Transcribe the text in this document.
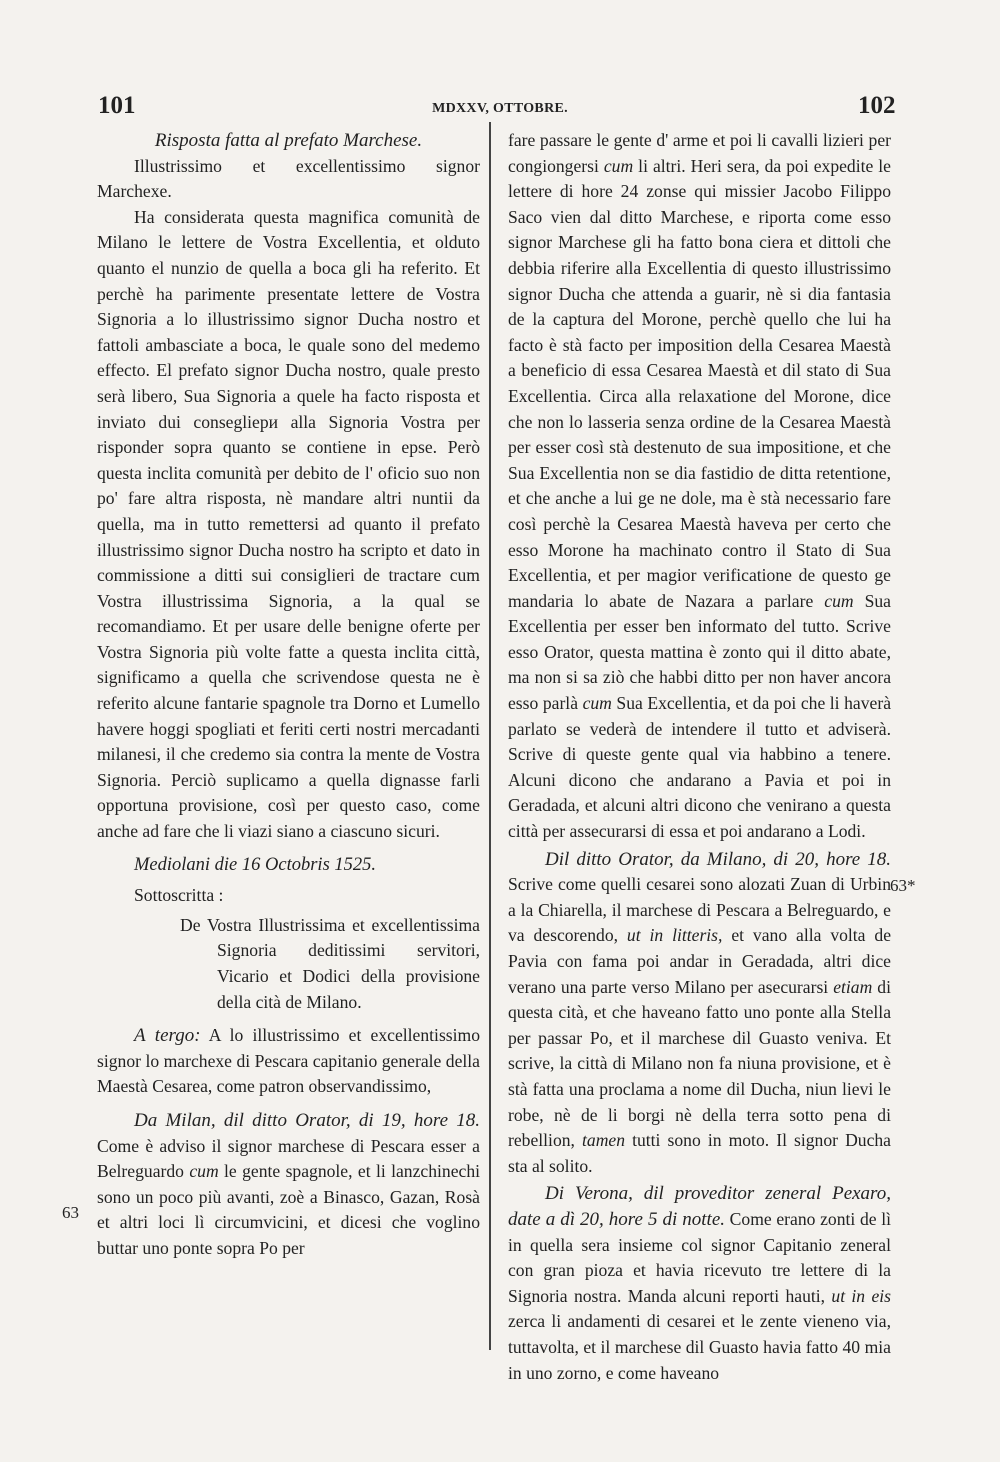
101	MDXXV, OTTOBRE.	102
63
63*

Risposta fatta al prefato Marchese.

Illustrissimo et excellentissimo signor Marchexe.

Ha considerata questa magnifica comunità de Milano le lettere de Vostra Excellentia, et olduto quanto el nunzio de quella a boca gli ha referito. Et perchè ha parimente presentate lettere de Vostra Signoria a lo illustrissimo signor Ducha nostro et fattoli ambasciate a boca, le quale sono del medemo effecto. El prefato signor Ducha nostro, quale presto serà libero, Sua Signoria a quele ha facto risposta et inviato dui consegliери alla Signoria Vostra per risponder sopra quanto se contiene in epse. Però questa inclita comunità per debito de l' oficio suo non po' fare altra risposta, nè mandare altri nuntii da quella, ma in tutto remettersi ad quanto il prefato illustrissimo signor Ducha nostro ha scripto et dato in commissione a ditti sui consiglieri de tractare cum Vostra illustrissima Signoria, a la qual se recomandiamo. Et per usare delle benigne oferte per Vostra Signoria più volte fatte a questa inclita città, significamo a quella che scrivendose questa ne è referito alcune fantarie spagnole tra Dorno et Lumello havere hoggi spogliati et feriti certi nostri mercadanti milanesi, il che credemo sia contra la mente de Vostra Signoria. Perciò suplicamo a quella dignasse farli opportuna provisione, così per questo caso, come anche ad fare che li viazi siano a ciascuno sicuri.

Mediolani die 16 Octobris 1525.

Sottoscritta :

De Vostra Illustrissima et excellentissima Signoria deditissimi servitori, Vicario et Dodici della provisione della cità de Milano.

A tergo: A lo illustrissimo et excellentissimo signor lo marchexe di Pescara capitanio generale della Maestà Cesarea, come patron observandissimo,

Da Milan, dil ditto Orator, di 19, hore 18. Come è adviso il signor marchese di Pescara esser a Belreguardo cum le gente spagnole, et li lanzchinechi sono un poco più avanti, zoè a Binasco, Gazan, Rosà et altri loci lì circumvicini, et dicesi che voglino buttar uno ponte sopra Po per

fare passare le gente d' arme et poi li cavalli lizieri per congiongersi cum li altri. Heri sera, da poi expedite le lettere di hore 24 zonse qui missier Jacobo Filippo Saco vien dal ditto Marchese, e riporta come esso signor Marchese gli ha fatto bona ciera et dittoli che debbia riferire alla Excellentia di questo illustrissimo signor Ducha che attenda a guarir, nè si dia fantasia de la captura del Morone, perchè quello che lui ha facto è stà facto per imposition della Cesarea Maestà a beneficio di essa Cesarea Maestà et dil stato di Sua Excellentia. Circa alla relaxatione del Morone, dice che non lo lasseria senza ordine de la Cesarea Maestà per esser così stà destenuto de sua impositione, et che Sua Excellentia non se dia fastidio de ditta retentione, et che anche a lui ge ne dole, ma è stà necessario fare così perchè la Cesarea Maestà haveva per certo che esso Morone ha machinato contro il Stato di Sua Excellentia, et per magior verificatione de questo ge mandaria lo abate de Nazara a parlare cum Sua Excellentia per esser ben informato del tutto. Scrive esso Orator, questa mattina è zonto qui il ditto abate, ma non si sa ziò che habbi ditto per non haver ancora esso parlà cum Sua Excellentia, et da poi che li haverà parlato se vederà de intendere il tutto et adviserà. Scrive di queste gente qual via habbino a tenere. Alcuni dicono che andarano a Pavia et poi in Geradada, et alcuni altri dicono che venirano a questa città per assecurarsi di essa et poi andarano a Lodi.

Dil ditto Orator, da Milano, di 20, hore 18. Scrive come quelli cesarei sono alozati Zuan di Urbin a la Chiarella, il marchese di Pescara a Belreguardo, e va descorendo, ut in litteris, et vano alla volta de Pavia con fama poi andar in Geradada, altri dice verano una parte verso Milano per asecurarsi etiam di questa cità, et che haveano fatto uno ponte alla Stella per passar Po, et il marchese dil Guasto veniva. Et scrive, la città di Milano non fa niuna provisione, et è stà fatta una proclama a nome dil Ducha, niun lievi le robe, nè de li borgi nè della terra sotto pena di rebellion, tamen tutti sono in moto. Il signor Ducha sta al solito.

Di Verona, dil proveditor zeneral Pexaro, date a dì 20, hore 5 di notte. Come erano zonti de lì in quella sera insieme col signor Capitanio zeneral con gran pioza et havia ricevuto tre lettere di la Signoria nostra. Manda alcuni reporti hauti, ut in eis zerca li andamenti di cesarei et le zente vieneno via, tuttavolta, et il marchese dil Guasto havia fatto 40 mia in uno zorno, e come haveano
